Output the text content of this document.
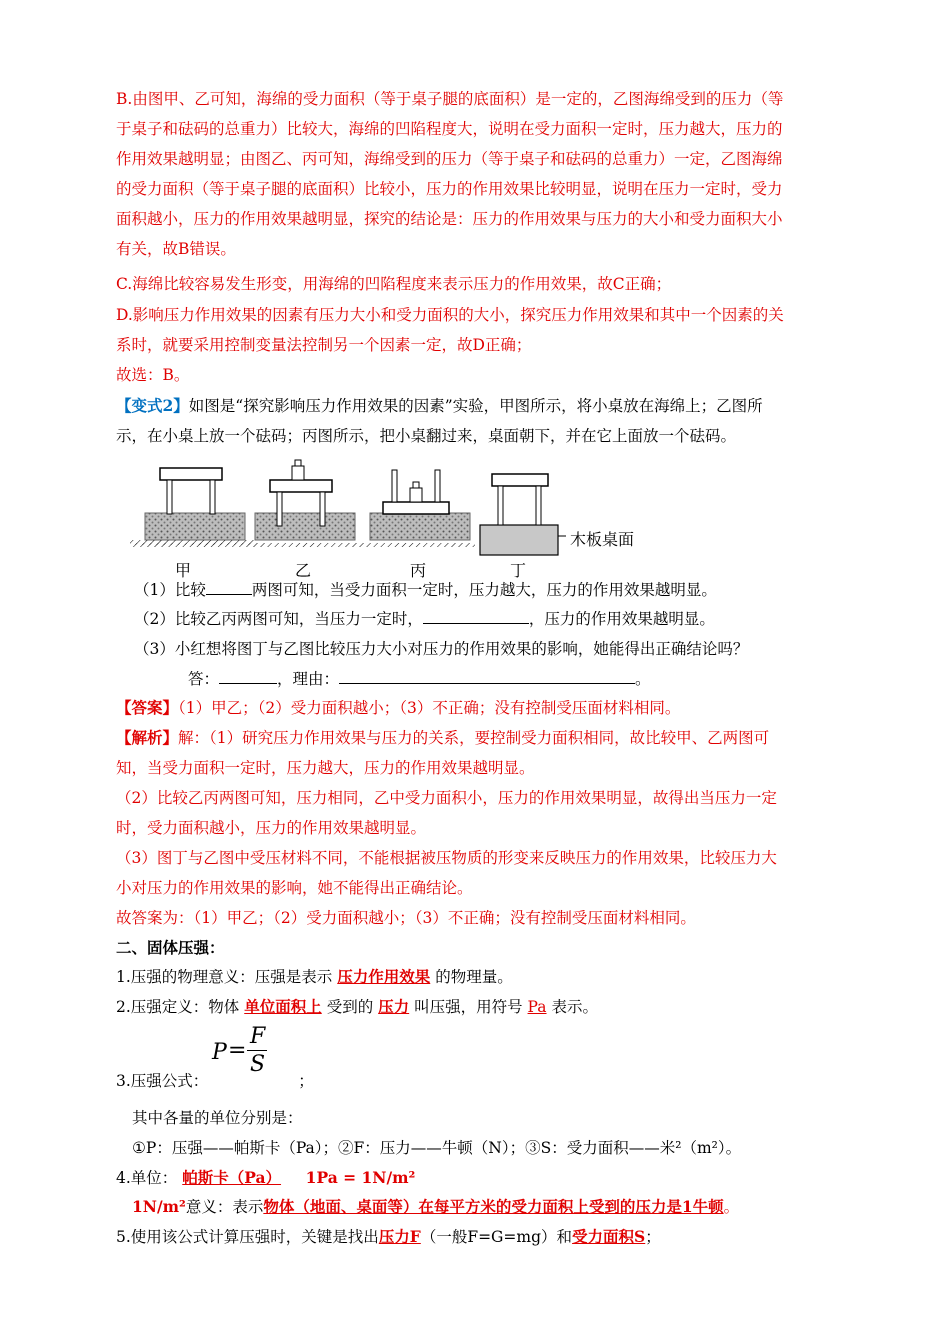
B.由图甲、乙可知，海绵的受力面积（等于桌子腿的底面积）是一定的，乙图海绵受到的压力（等
于桌子和砝码的总重力）比较大，海绵的凹陷程度大，说明在受力面积一定时，压力越大，压力的
作用效果越明显；由图乙、丙可知，海绵受到的压力（等于桌子和砝码的总重力）一定，乙图海绵
的受力面积（等于桌子腿的底面积）比较小，压力的作用效果比较明显，说明在压力一定时，受力
面积越小，压力的作用效果越明显，探究的结论是：压力的作用效果与压力的大小和受力面积大小
有关，故B错误。
C.海绵比较容易发生形变，用海绵的凹陷程度来表示压力的作用效果，故C正确；
D.影响压力作用效果的因素有压力大小和受力面积的大小，探究压力作用效果和其中一个因素的关
系时，就要采用控制变量法控制另一个因素一定，故D正确；
故选：B。
【变式2】如图是“探究影响压力作用效果的因素”实验，甲图所示，将小桌放在海绵上；乙图所
示，在小桌上放一个砝码；丙图所示，把小桌翻过来，桌面朝下，并在它上面放一个砝码。
木板桌面
甲	乙	丙	丁
（1）比较	两图可知，当受力面积一定时，压力越大，压力的作用效果越明显。
（2）比较乙丙两图可知，当压力一定时，	，压力的作用效果越明显。
（3）小红想将图丁与乙图比较压力大小对压力的作用效果的影响，她能得出正确结论吗？
答：	，理由：	。
【答案】（1）甲乙；（2）受力面积越小；（3）不正确；没有控制受压面材料相同。
【解析】解：（1）研究压力作用效果与压力的关系，要控制受力面积相同，故比较甲、乙两图可
知，当受力面积一定时，压力越大，压力的作用效果越明显。
（2）比较乙丙两图可知，压力相同，乙中受力面积小，压力的作用效果明显，故得出当压力一定
时，受力面积越小，压力的作用效果越明显。
（3）图丁与乙图中受压材料不同，不能根据被压物质的形变来反映压力的作用效果，比较压力大
小对压力的作用效果的影响，她不能得出正确结论。
故答案为：（1）甲乙；（2）受力面积越小；（3）不正确；没有控制受压面材料相同。
二、固体压强：
1.压强的物理意义：压强是表示 压力作用效果 的物理量。
2.压强定义：物体 单位面积上 受到的 压力 叫压强，用符号 Pa 表示。
P =
F
S
3.压强公式：	；
其中各量的单位分别是：
①P：压强——帕斯卡（Pa）；②F：压力——牛顿（N）；③S：受力面积——米²（m²）。
4.单位： 帕斯卡（Pa） 1Pa = 1N/m²
1N/m²意义：表示物体（地面、桌面等）在每平方米的受力面积上受到的压力是1牛顿。
5.使用该公式计算压强时，关键是找出压力F（一般F=G=mg）和受力面积S；
